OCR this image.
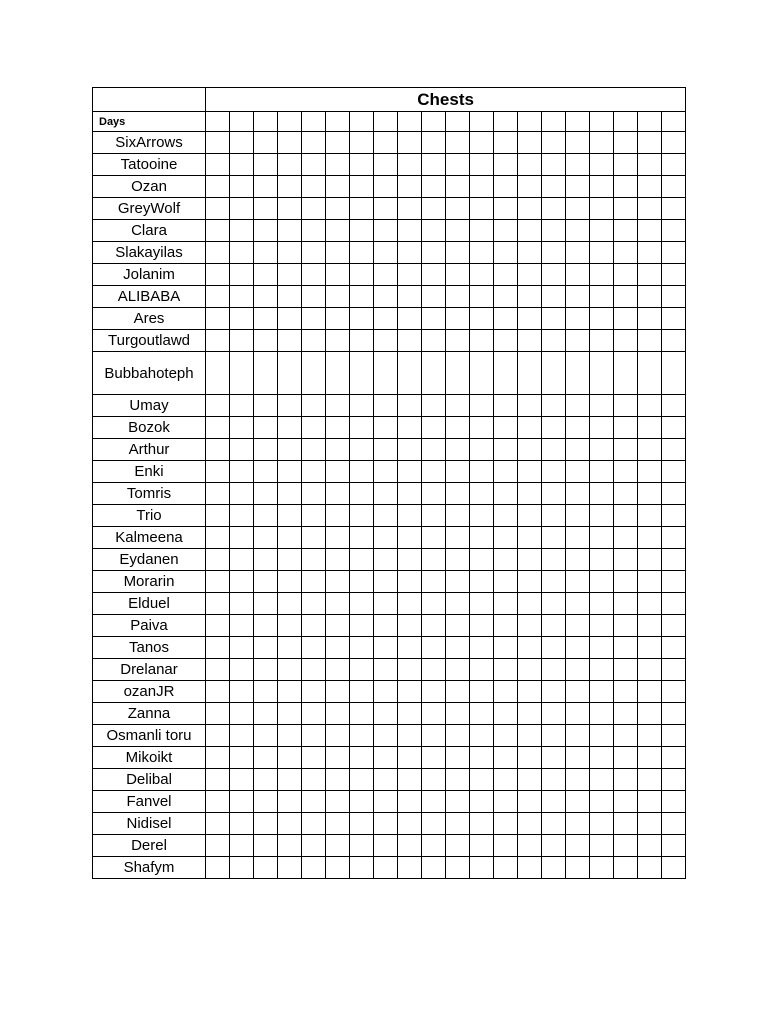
	Chests																			
Days																				
SixArrows																				
Tatooine																				
Ozan																				
GreyWolf																				
Clara																				
Slakayilas																				
Jolanim																				
ALIBABA																				
Ares																				
Turgoutlawd																				
Bubbahoteph																				
Umay																				
Bozok																				
Arthur																				
Enki																				
Tomris																				
Trio																				
Kalmeena																				
Eydanen																				
Morarin																				
Elduel																				
Paiva																				
Tanos																				
Drelanar																				
ozanJR																				
Zanna																				
Osmanli toru																				
Mikoikt																				
Delibal																				
Fanvel																				
Nidisel																				
Derel																				
Shafym																				
